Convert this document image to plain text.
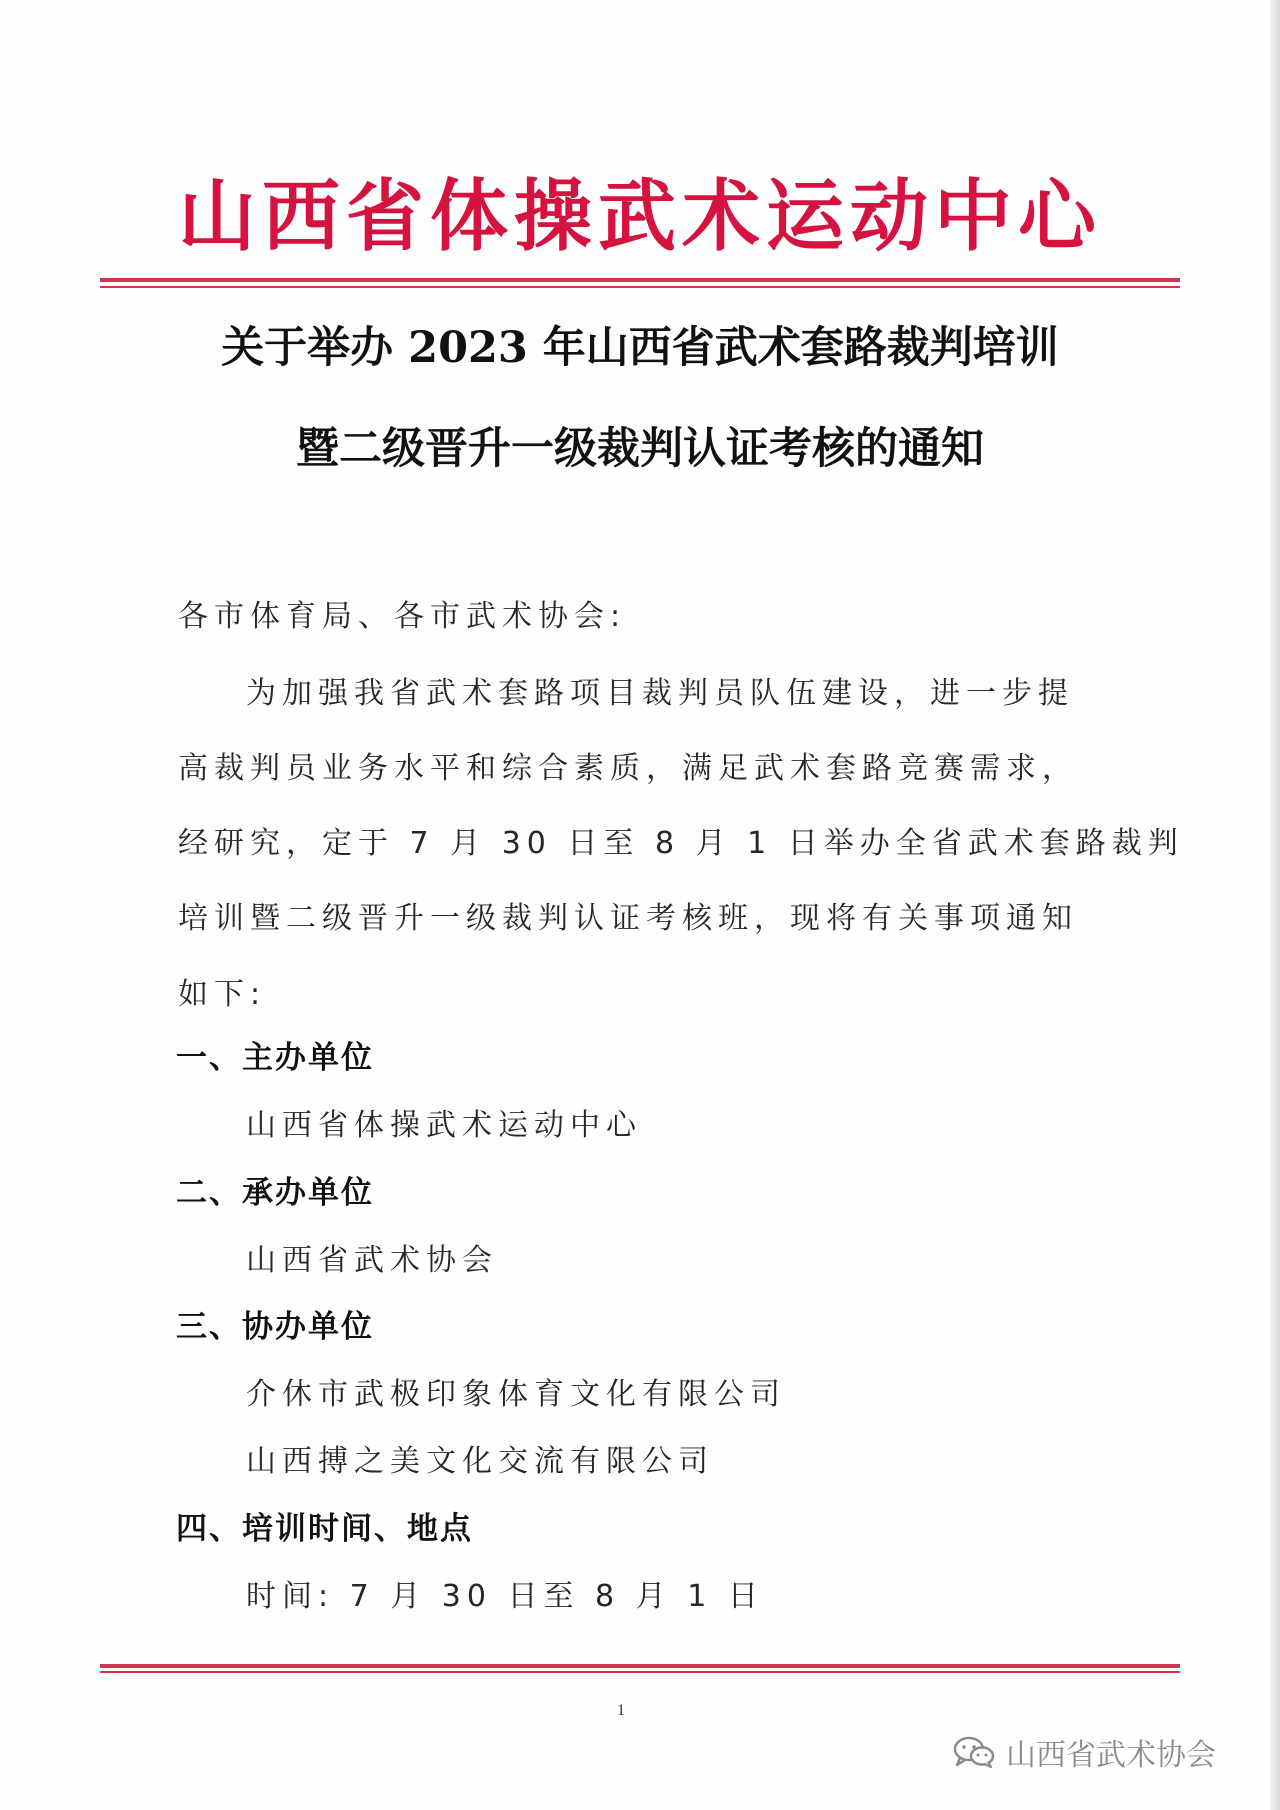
山西省体操武术运动中心
关于举办 2023 年山西省武术套路裁判培训
暨二级晋升一级裁判认证考核的通知
各市体育局、各市武术协会:
为加强我省武术套路项目裁判员队伍建设，进一步提
高裁判员业务水平和综合素质，满足武术套路竞赛需求，
经研究，定于 7 月 30 日至 8 月 1 日举办全省武术套路裁判
培训暨二级晋升一级裁判认证考核班，现将有关事项通知
如下:
一、主办单位
山西省体操武术运动中心
二、承办单位
山西省武术协会
三、协办单位
介休市武极印象体育文化有限公司
山西搏之美文化交流有限公司
四、培训时间、地点
时间: 7 月 30 日至 8 月 1 日
1
山西省武术协会
